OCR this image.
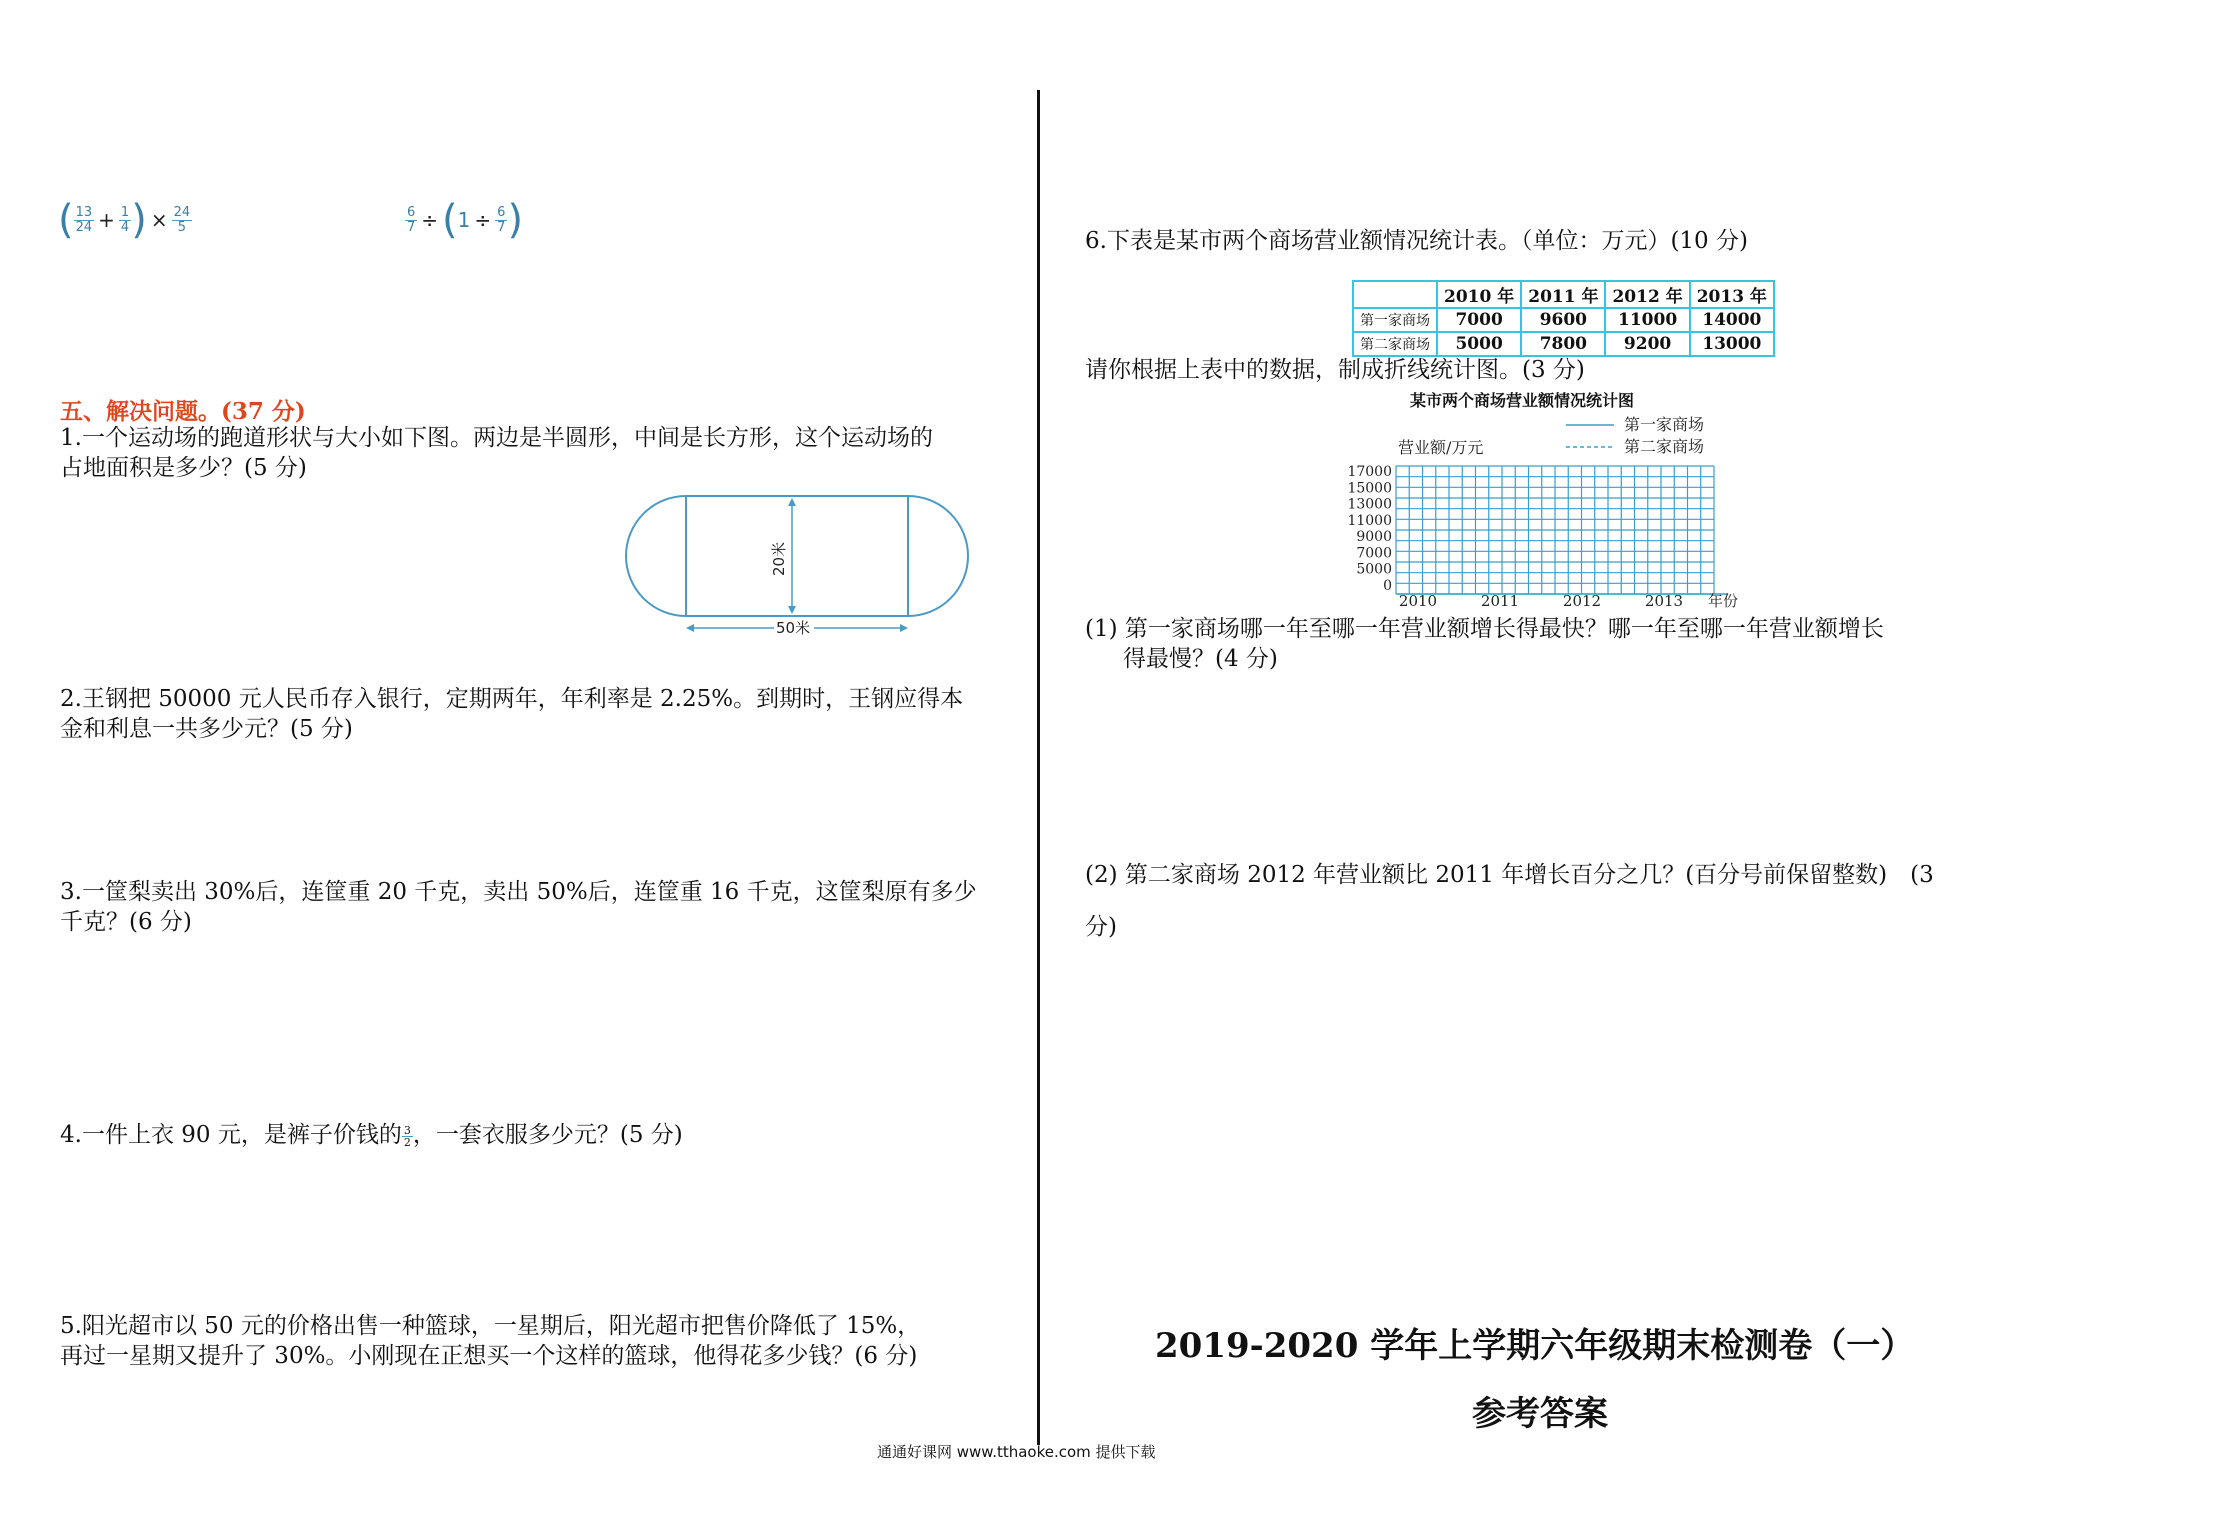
( $\frac{13}{24} + \frac{1}{4}$ ) × $\frac{24}{5}$	$\frac{6}{7} \div (1 \div \frac{6}{7}$ )
五、解决问题。(37 分)
1.一个运动场的跑道形状与大小如下图。两边是半圆形，中间是长方形，这个运动场的
占地面积是多少？(5 分)
20米
50米
2.王钢把 50000 元人民币存入银行，定期两年，年利率是 2.25%。到期时，王钢应得本
金和利息一共多少元？(5 分)
3.一筐梨卖出 30%后，连筐重 20 千克，卖出 50%后，连筐重 16 千克，这筐梨原有多少
千克？(6 分)
4.一件上衣 90 元，是裤子价钱的 $\frac{3}{2}$ ，一套衣服多少元？(5 分)
5.阳光超市以 50 元的价格出售一种篮球，一星期后，阳光超市把售价降低了 15%，
再过一星期又提升了 30%。小刚现在正想买一个这样的篮球，他得花多少钱？(6 分)
6.下表是某市两个商场营业额情况统计表。（单位：万元）(10 分)
	2010 年	2011 年	2012 年	2013 年
第一家商场	7000	9600	11000	14000
第二家商场	5000	7800	9200	13000
请你根据上表中的数据，制成折线统计图。(3 分)
某市两个商场营业额情况统计图
第一家商场
第二家商场
营业额/万元
17000
15000
13000
11000
9000
7000
5000
0
2010	2011	2012	2013 年份
(1) 第一家商场哪一年至哪一年营业额增长得最快？哪一年至哪一年营业额增长
得最慢？(4 分)
(2) 第二家商场 2012 年营业额比 2011 年增长百分之几？(百分号前保留整数)　(3
分)
2019-2020 学年上学期六年级期末检测卷（一）
参考答案
通通好课网 www.tthaoke.com 提供下载
